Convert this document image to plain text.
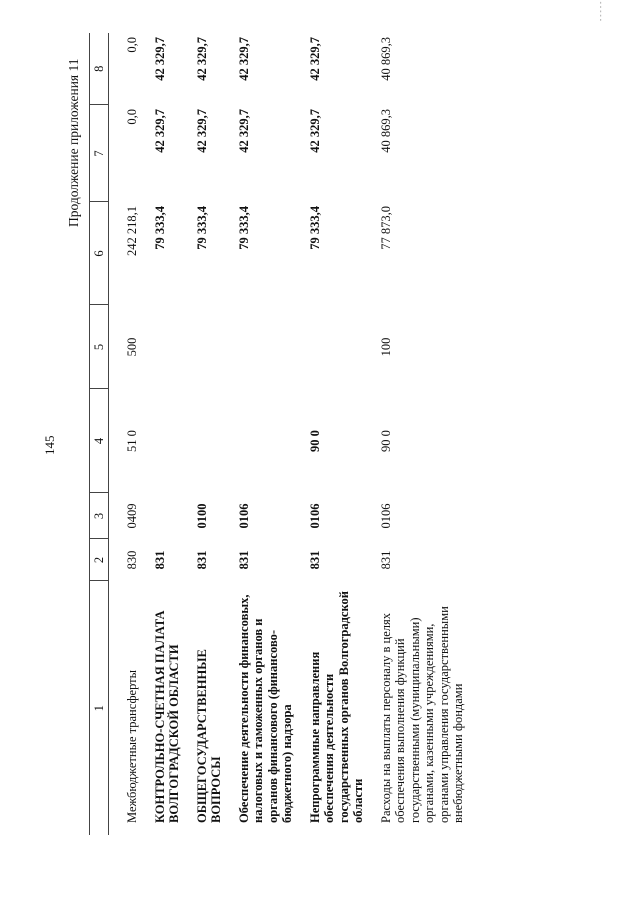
- - - - -
145
Продолжение приложения 11
1	2	3	4	5	6	7	8
Межбюджетные трансферты	830	0409	51 0	500	242 218,1	0,0	0,0
КОНТРОЛЬНО-СЧЕТНАЯ ПАЛАТА ВОЛГОГРАДСКОЙ ОБЛАСТИ	831				79 333,4	42 329,7	42 329,7
ОБЩЕГОСУДАРСТВЕННЫЕ ВОПРОСЫ	831	0100			79 333,4	42 329,7	42 329,7
Обеспечение деятельности финансовых, налоговых и таможенных органов и органов финансового (финансово-бюджетного) надзора	831	0106			79 333,4	42 329,7	42 329,7
Непрограммные направления обеспечения деятельности государственных органов Волгоградской области	831	0106	90 0		79 333,4	42 329,7	42 329,7
Расходы на выплаты персоналу в целях обеспечения выполнения функций государственными (муниципальными) органами, казенными учреждениями, органами управления государственными внебюджетными фондами	831	0106	90 0	100	77 873,0	40 869,3	40 869,3
